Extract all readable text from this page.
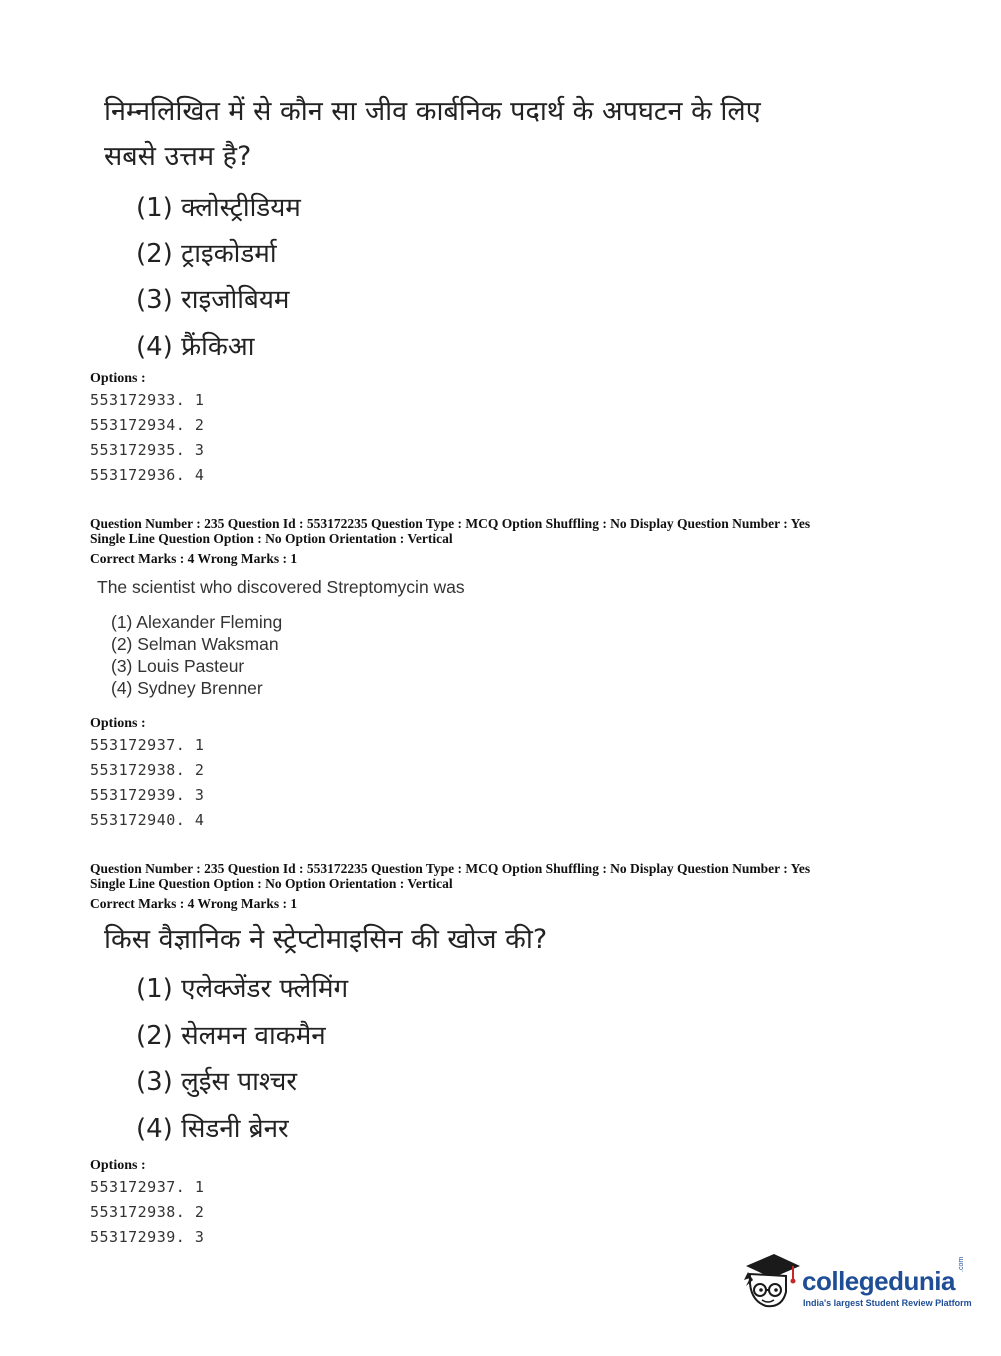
निम्नलिखित में से कौन सा जीव कार्बनिक पदार्थ के अपघटन के लिए
सबसे उत्तम है?
(1) क्लोस्ट्रीडियम
(2) ट्राइकोडर्मा
(3) राइजोबियम
(4) फ्रैंकिआ
Options :
553172933. 1
553172934. 2
553172935. 3
553172936. 4
Question Number : 235 Question Id : 553172235 Question Type : MCQ Option Shuffling : No Display Question Number : Yes
Single Line Question Option : No Option Orientation : Vertical
Correct Marks : 4 Wrong Marks : 1
The scientist who discovered Streptomycin was
(1) Alexander Fleming
(2) Selman Waksman
(3) Louis Pasteur
(4) Sydney Brenner
Options :
553172937. 1
553172938. 2
553172939. 3
553172940. 4
Question Number : 235 Question Id : 553172235 Question Type : MCQ Option Shuffling : No Display Question Number : Yes
Single Line Question Option : No Option Orientation : Vertical
Correct Marks : 4 Wrong Marks : 1
किस वैज्ञानिक ने स्ट्रेप्टोमाइसिन की खोज की?
(1) एलेक्जेंडर फ्लेमिंग
(2) सेलमन वाकमैन
(3) लुईस पाश्चर
(4) सिडनी ब्रेनर
Options :
553172937. 1
553172938. 2
553172939. 3
collegedunia
.com
India's largest Student Review Platform
